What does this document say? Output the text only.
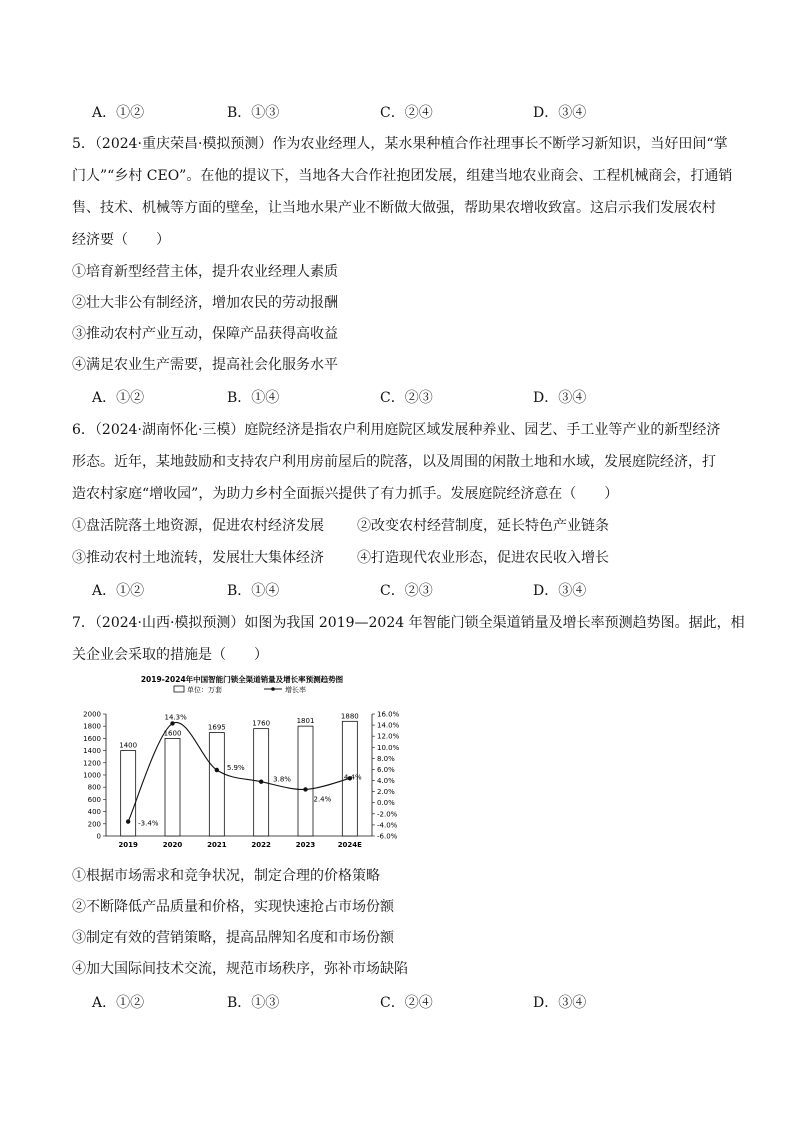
A．①②	B．①③	C．②④	D．③④
5．（2024·重庆荣昌·模拟预测）作为农业经理人，某水果种植合作社理事长不断学习新知识，当好田间“掌
门人”“乡村 CEO”。在他的提议下，当地各大合作社抱团发展，组建当地农业商会、工程机械商会，打通销
售、技术、机械等方面的壁垒，让当地水果产业不断做大做强，帮助果农增收致富。这启示我们发展农村
经济要（　　）
①培育新型经营主体，提升农业经理人素质
②壮大非公有制经济，增加农民的劳动报酬
③推动农村产业互动，保障产品获得高收益
④满足农业生产需要，提高社会化服务水平
A．①②	B．①④	C．②③	D．③④
6．（2024·湖南怀化·三模）庭院经济是指农户利用庭院区域发展种养业、园艺、手工业等产业的新型经济
形态。近年，某地鼓励和支持农户利用房前屋后的院落，以及周围的闲散土地和水域，发展庭院经济，打
造农村家庭“增收园”，为助力乡村全面振兴提供了有力抓手。发展庭院经济意在（　　）
①盘活院落土地资源，促进农村经济发展 ②改变农村经营制度，延长特色产业链条
③推动农村土地流转，发展壮大集体经济 ④打造现代农业形态，促进农民收入增长
A．①②	B．①④	C．②③	D．③④
7．（2024·山西·模拟预测）如图为我国 2019—2024 年智能门锁全渠道销量及增长率预测趋势图。据此，相
关企业会采取的措施是（　　）
2019-2024年中国智能门锁全渠道销量及增长率预测趋势图
单位：万套	增长率
0
200
400
600
800
1000
1200
1400
1600
1800
2000
-6.0%
-4.0%
-2.0%
0.0%
2.0%
4.0%
6.0%
8.0%
10.0%
12.0%
14.0%
16.0%
2019	2020	2021	2022	2023	2024E
1400
1600
1695	1760	1801
1880
-3.4%
14.3%
5.9%
3.8%
2.4%
4.4%
①根据市场需求和竞争状况，制定合理的价格策略
②不断降低产品质量和价格，实现快速抢占市场份额
③制定有效的营销策略，提高品牌知名度和市场份额
④加大国际间技术交流，规范市场秩序，弥补市场缺陷
A．①②	B．①③	C．②④	D．③④
